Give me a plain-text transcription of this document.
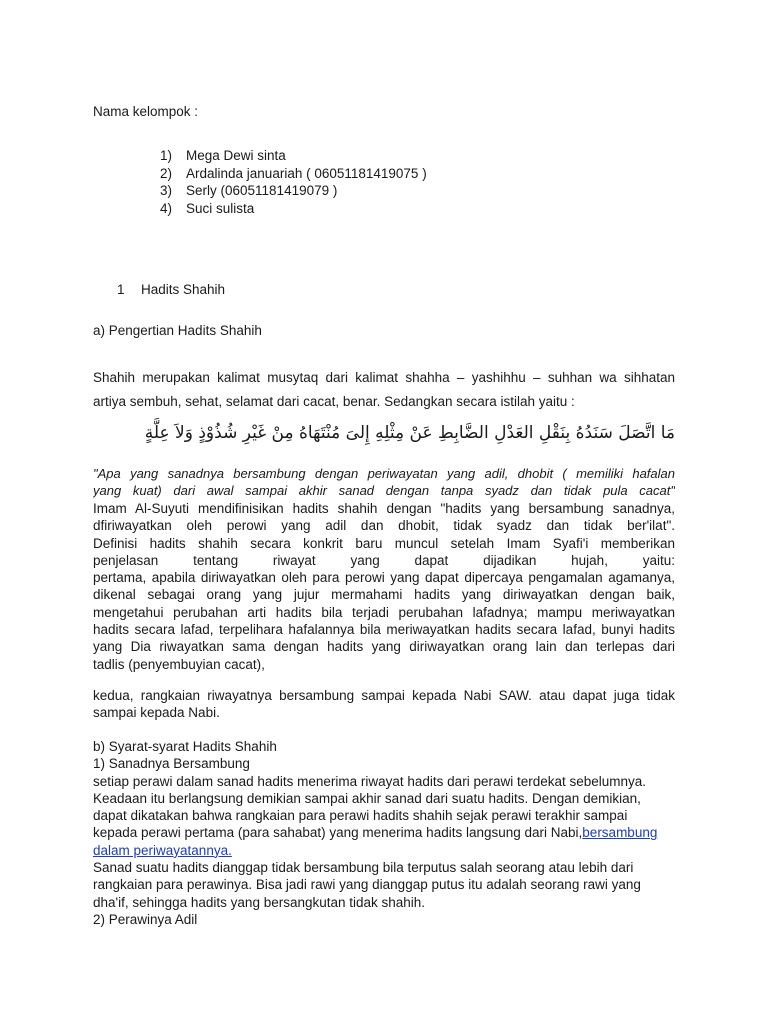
Nama kelompok :
1) Mega Dewi sinta
2) Ardalinda januariah ( 06051181419075 )
3) Serly (06051181419079 )
4) Suci sulista
1 Hadits Shahih
a) Pengertian Hadits Shahih
Shahih merupakan kalimat musytaq dari kalimat shahha – yashihhu – suhhan wa sihhatan
artiya sembuh, sehat, selamat dari cacat, benar. Sedangkan secara istilah yaitu :
مَا اتَّصَلَ سَنَدُهُ بِنَقْلِ العَدْلِ الضَّابِطِ عَنْ مِثْلِهِ إِلىَ مُنْتَهَاهُ مِنْ غَيْرِ شُذُوْذٍ وَلاَ عِلَّةٍ
"Apa yang sanadnya bersambung dengan periwayatan yang adil, dhobit ( memiliki hafalan
yang kuat) dari awal sampai akhir sanad dengan tanpa syadz dan tidak pula cacat"
Imam Al-Suyuti mendifinisikan hadits shahih dengan "hadits yang bersambung sanadnya,
dfiriwayatkan oleh perowi yang adil dan dhobit, tidak syadz dan tidak ber'ilat".
Definisi hadits shahih secara konkrit baru muncul setelah Imam Syafi'i memberikan
penjelasan tentang riwayat yang dapat dijadikan hujah, yaitu:
pertama, apabila diriwayatkan oleh para perowi yang dapat dipercaya pengamalan agamanya,
dikenal sebagai orang yang jujur mermahami hadits yang diriwayatkan dengan baik,
mengetahui perubahan arti hadits bila terjadi perubahan lafadnya; mampu meriwayatkan
hadits secara lafad, terpelihara hafalannya bila meriwayatkan hadits secara lafad, bunyi hadits
yang Dia riwayatkan sama dengan hadits yang diriwayatkan orang lain dan terlepas dari
tadlis (penyembuyian cacat),
kedua, rangkaian riwayatnya bersambung sampai kepada Nabi SAW. atau dapat juga tidak
sampai kepada Nabi.
b) Syarat-syarat Hadits Shahih
1) Sanadnya Bersambung
setiap perawi dalam sanad hadits menerima riwayat hadits dari perawi terdekat sebelumnya.
Keadaan itu berlangsung demikian sampai akhir sanad dari suatu hadits. Dengan demikian,
dapat dikatakan bahwa rangkaian para perawi hadits shahih sejak perawi terakhir sampai
kepada perawi pertama (para sahabat) yang menerima hadits langsung dari Nabi,bersambung
dalam periwayatannya.
Sanad suatu hadits dianggap tidak bersambung bila terputus salah seorang atau lebih dari
rangkaian para perawinya. Bisa jadi rawi yang dianggap putus itu adalah seorang rawi yang
dha'if, sehingga hadits yang bersangkutan tidak shahih.
2) Perawinya Adil
